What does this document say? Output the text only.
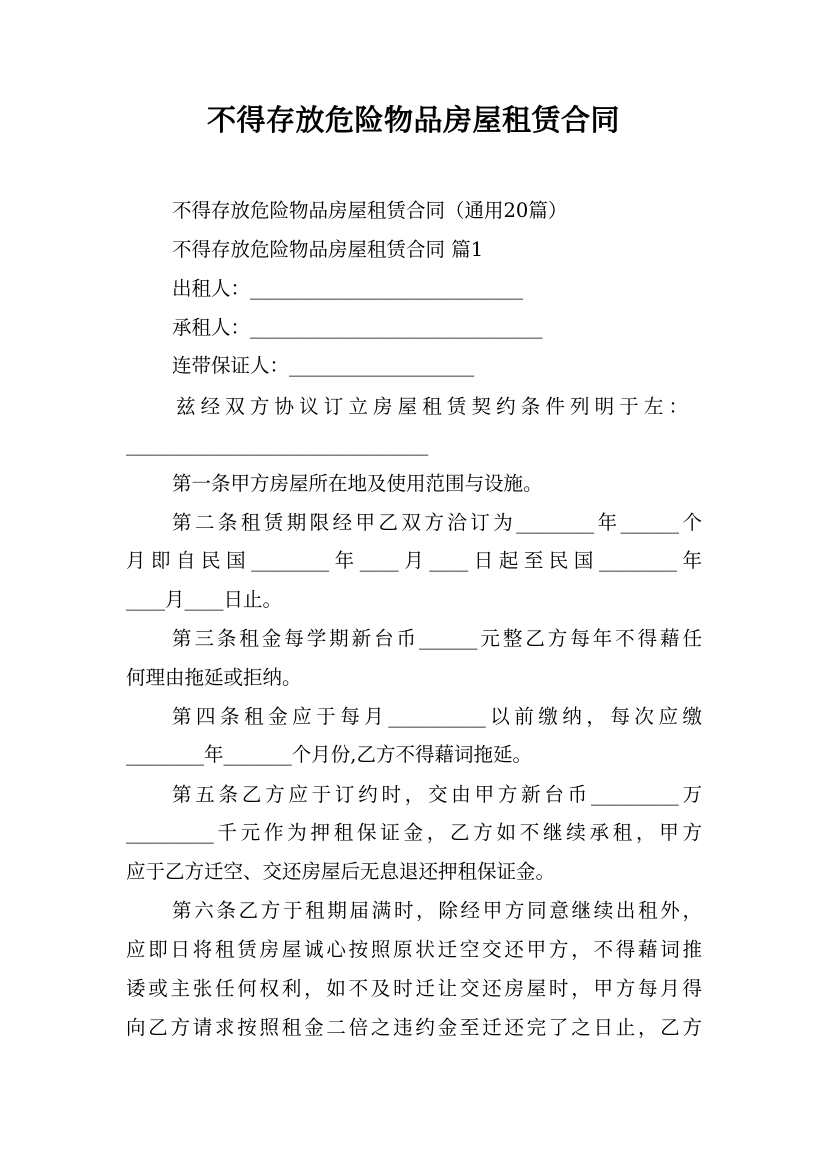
不得存放危险物品房屋租赁合同
不得存放危险物品房屋租赁合同（通用20篇）
不得存放危险物品房屋租赁合同 篇1
出租人：____________________________
承租人：______________________________
连带保证人：___________________
兹经双方协议订立房屋租赁契约条件列明于左：
_______________________________
第一条甲方房屋所在地及使用范围与设施。
第二条租赁期限经甲乙双方洽订为________年______个
月即自民国________年____月____日起至民国________年
____月____日止。
第三条租金每学期新台币______元整乙方每年不得藉任
何理由拖延或拒纳。
第四条租金应于每月__________以前缴纳，每次应缴
________年_______个月份,乙方不得藉词拖延。
第五条乙方应于订约时，交由甲方新台币_________万
_________千元作为押租保证金，乙方如不继续承租，甲方
应于乙方迁空、交还房屋后无息退还押租保证金。
第六条乙方于租期届满时，除经甲方同意继续出租外，
应即日将租赁房屋诚心按照原状迁空交还甲方，不得藉词推
诿或主张任何权利，如不及时迁让交还房屋时，甲方每月得
向乙方请求按照租金二倍之违约金至迁还完了之日止，乙方
